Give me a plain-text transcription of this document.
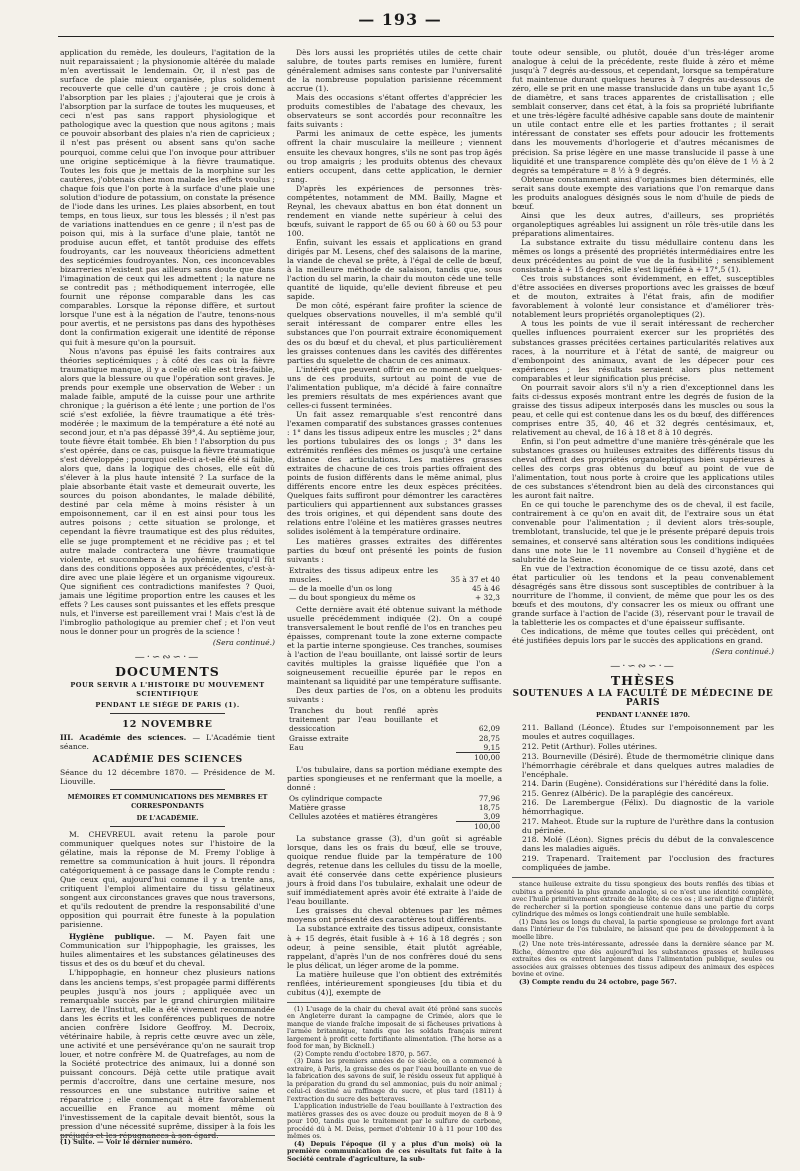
— 193 —

application du remède, les douleurs, l'agitation de la nuit reparaissaient ; la physionomie altérée du malade m'en avertissait le lendemain. Or, il n'est pas de surface de plaie mieux organisée, plus solidement recouverte que celle d'un cautère ; je crois donc à l'absorption par les plaies ; j'ajouterai que je crois à l'absorption par la surface de toutes les muqueuses, et ceci n'est pas sans rapport physiologique et pathologique avec la question que nous agitons ; mais ce pouvoir absorbant des plaies n'a rien de capricieux ; il n'est pas présent ou absent sans qu'on sache pourquoi, comme celui que l'on invoque pour attribuer une origine septicémique à la fièvre traumatique. Toutes les fois que je mettais de la morphine sur les cautères, j'obtenais chez mon malade les effets voulus ; chaque fois que l'on porte à la surface d'une plaie une solution d'iodure de potassium, on constate la présence de l'iode dans les urines. Les plaies absorbent, en tout temps, en tous lieux, sur tous les blessés ; il n'est pas de variations inattendues en ce genre ; il n'est pas de poison qui, mis à la surface d'une plaie, tantôt ne produise aucun effet, et tantôt produise des effets foudroyants, car les nouveaux théoriciens admettent des septicémies foudroyantes. Non, ces inconcevables bizarreries n'existent pas ailleurs sans doute que dans l'imagination de ceux qui les admettent ; la nature ne se contredit pas ; méthodiquement interrogée, elle fournit une réponse comparable dans les cas comparables. Lorsque la réponse diffère, et surtout lorsque l'une est à la négation de l'autre, tenons-nous pour avertis, et ne persistons pas dans des hypothèses dont la confirmation exigerait une identité de réponse qui fuit à mesure qu'on la poursuit.

Nous n'avons pas épuisé les faits contraires aux théories septicémiques ; à côté des cas où la fièvre traumatique manque, il y a celle où elle est très-faible, alors que la blessure ou que l'opération sont graves. Je prends pour exemple une observation de Weber : un malade faible, amputé de la cuisse pour une arthrite chronique ; la guérison a été lente ; une portion de l'os scié s'est exfoliée, la fièvre traumatique a été très-modérée ; le maximum de la température a été noté au second jour, et n'a pas dépassé 39°,4. Au septième jour, toute fièvre était tombée. Eh bien ! l'absorption du pus s'est opérée, dans ce cas, puisque la fièvre traumatique s'est développée ; pourquoi celle-ci a-t-elle été si faible, alors que, dans la logique des choses, elle eût dû s'élever à la plus haute intensité ? La surface de la plaie absorbante était vaste et demeurait ouverte, les sources du poison abondantes, le malade débilité, destiné par cela même à moins résister à un empoisonnement, car il en est ainsi pour tous les autres poisons ; cette situation se prolonge, et cependant la fièvre traumatique est des plus réduites, elle se juge promptement et ne récidive pas ; et tel autre malade contractera une fièvre traumatique violente, et succombera à la pyohémie, quoiqu'il fût dans des conditions opposées aux précédentes, c'est-à-dire avec une plaie légère et un organisme vigoureux. Que signifient ces contradictions manifestes ? Quoi, jamais une légitime proportion entre les causes et les effets ? Les causes sont puissantes et les effets presque nuls, et l'inverse est pareillement vrai ! Mais c'est là de l'imbroglio pathologique au premier chef ; et l'on veut nous le donner pour un progrès de la science !

(Sera continué.)
—·∽∾∽·—
DOCUMENTS
POUR SERVIR A L'HISTOIRE DU MOUVEMENT SCIENTIFIQUE
PENDANT LE SIÉGE DE PARIS (1).
12 NOVEMBRE

III. Académie des sciences. — L'Académie tient séance.

ACADÉMIE DES SCIENCES

Séance du 12 décembre 1870. — Présidence de M. Liouville.

MÉMOIRES ET COMMUNICATIONS DES MEMBRES ET CORRESPONDANTS
DE L'ACADÉMIE.

M. CHEVREUL avait retenu la parole pour communiquer quelques notes sur l'histoire de la gélatine, mais la réponse de M. Fremy l'oblige à remettre sa communication à huit jours. Il répondra catégoriquement à ce passage dans le Compte rendu : Que ceux qui, aujourd'hui comme il y a trente ans, critiquent l'emploi alimentaire du tissu gélatineux songent aux circonstances graves que nous traversons, et qu'ils redoutent de prendre la responsabilité d'une opposition qui pourrait être funeste à la population parisienne.

Hygiène publique. — M. Payen fait une Communication sur l'hippophagie, les graisses, les huiles alimentaires et les substances gélatineuses des tissus et des os du bœuf et du cheval.

L'hippophagie, en honneur chez plusieurs nations dans les anciens temps, s'est propagée parmi différents peuples jusqu'à nos jours ; appliquée avec un remarquable succès par le grand chirurgien militaire Larrey, de l'Institut, elle a été vivement recommandée dans les écrits et les conférences publiques de notre ancien confrère Isidore Geoffroy. M. Decroix, vétérinaire habile, à repris cette œuvre avec un zèle, une activité et une persévérance qu'on ne saurait trop louer, et notre confrère M. de Quatrefages, au nom de la Société protectrice des animaux, lui a donné son puissant concours. Déjà cette utile pratique avait permis d'accroître, dans une certaine mesure, nos ressources en une substance nutritive saine et réparatrice ; elle commençait à être favorablement accueillie en France au moment même où l'investissement de la capitale devait bientôt, sous la pression d'une nécessité suprême, dissiper à la fois les préjugés et les répugnances à son égard.

(1) Suite. — Voir le dernier numéro.

Dès lors aussi les propriétés utiles de cette chair salubre, de toutes parts remises en lumière, furent généralement admises sans conteste par l'universalité de la nombreuse population parisienne récemment accrue (1).

Mais des occasions s'étant offertes d'apprécier les produits comestibles de l'abatage des chevaux, les observateurs se sont accordés pour reconnaître les faits suivants :

Parmi les animaux de cette espèce, les juments offrent la chair musculaire la meilleure ; viennent ensuite les chevaux hongres, s'ils ne sont pas trop âgés ou trop amaigris ; les produits obtenus des chevaux entiers occupent, dans cette application, le dernier rang.

D'après les expériences de personnes très-compétentes, notamment de MM. Bailly, Magne et Reynal, les chevaux abattus en bon état donnent un rendement en viande nette supérieur à celui des bœufs, suivant le rapport de 65 ou 60 à 60 ou 53 pour 100.

Enfin, suivant les essais et applications en grand dirigés par M. Lesens, chef des salaisons de la marine, la viande de cheval se prête, à l'égal de celle de bœuf, à la meilleure méthode de salaison, tandis que, sous l'action du sel marin, la chair du mouton cède une telle quantité de liquide, qu'elle devient fibreuse et peu sapide.

De mon côté, espérant faire profiter la science de quelques observations nouvelles, il m'a semblé qu'il serait intéressant de comparer entre elles les substances que l'on pourrait extraire économiquement des os du bœuf et du cheval, et plus particulièrement les graisses contenues dans les cavités des différentes parties du squelette de chacun de ces animaux.

L'intérêt que peuvent offrir en ce moment quelques-uns de ces produits, surtout au point de vue de l'alimentation publique, m'a décidé à faire connaître les premiers résultats de mes expériences avant que celles-ci fussent terminées.

Un fait assez remarquable s'est rencontré dans l'examen comparatif des substances grasses contenues : 1° dans les tissus adipeux entre les muscles ; 2° dans les portions tubulaires des os longs ; 3° dans les extrémités renflées des mêmes os jusqu'à une certaine distance des articulations. Les matières grasses extraites de chacune de ces trois parties offraient des points de fusion différents dans le même animal, plus différents encore entre les deux espèces précitées. Quelques faits suffiront pour démontrer les caractères particuliers qui appartiennent aux substances grasses des trois origines, et qui dépendent sans doute des relations entre l'oléine et les matières grasses neutres solides isolément à la température ordinaire.

Les matières grasses extraites des différentes parties du bœuf ont présenté les points de fusion suivants :

Extraites des tissus adipeux entre les muscles.	35 à 37 et 40
— de la moelle d'un os long	45 à 46
— du bout spongieux du même os	+ 32,3

Cette dernière avait été obtenue suivant la méthode usuelle précédemment indiquée (2). On a coupé transversalement le bout renflé de l'os en tranches peu épaisses, comprenant toute la zone externe compacte et la partie interne spongieuse. Ces tranches, soumises à l'action de l'eau bouillante, ont laissé sortir de leurs cavités multiples la graisse liquéfiée que l'on a soigneusement recueillie épurée par le repos en maintenant sa liquidité par une température suffisante.

Des deux parties de l'os, on a obtenu les produits suivants :

Tranches du bout renflé après traitement par l'eau bouillante et dessiccation	62,09
Graisse extraite	28,75
Eau	9,15
	100,00

L'os tubulaire, dans sa portion médiane exempte des parties spongieuses et ne renfermant que la moelle, a donné :

Os cylindrique compacte	77,96
Matière grasse	18,75
Cellules azotées et matières étrangères	3,09
	100,00

La substance grasse (3), d'un goût si agréable lorsque, dans les os frais du bœuf, elle se trouve, quoique rendue fluide par la température de 100 degrés, retenue dans les cellules du tissu de la moelle, avait été conservée dans cette expérience plusieurs jours à froid dans l'os tubulaire, exhalait une odeur de suif immédiatement après avoir été extraite à l'aide de l'eau bouillante.

Les graisses du cheval obtenues par les mêmes moyens ont présenté des caractères tout différents.

La substance extraite des tissus adipeux, consistante à + 15 degrés, était fusible à + 16 à 18 degrés ; son odeur, à peine sensible, était plutôt agréable, rappelant, d'après l'un de nos confrères doué du sens le plus délicat, un léger arome de la pomme.

La matière huileuse que l'on obtient des extrémités renflées, intérieurement spongieuses [du tibia et du cubitus (4)], exempte de

(1) L'usage de la chair du cheval avait été prôné sans succès en Angleterre durant la campagne de Crimée, alors que le manque de viande fraîche imposait de si fâcheuses privations à l'armée britannique, tandis que les soldats français mirent largement à profit cette fortifiante alimentation. (The horse as a food for man, by Bicknell.)

(2) Compte rendu d'octobre 1870, p. 567.

(3) Dans les premiers années de ce siècle, on a commencé à extraire, à Paris, la graisse des os par l'eau bouillante en vue de la fabrication des savons de suif, le résidu osseux fut appliqué à la préparation du grand du sel ammoniac, puis du noir animal ; celui-ci destiné au raffinage du sucre, et plus tard (1811) à l'extraction du sucre des betteraves.

L'application industrielle de l'eau bouillante à l'extraction des matières grasses des os avec douze ou produit moyen de 8 à 9 pour 100, tandis que le traitement par le sulfure de carbone, procédé dû à M. Deiss, permet d'obtenir 10 à 11 pour 100 des mêmes os.

(4) Depuis l'époque (il y a plus d'un mois) où la première communication de ces résultats fut faite à la Société centrale d'agriculture, la sub-

toute odeur sensible, ou plutôt, douée d'un très-léger arome analogue à celui de la précédente, reste fluide à zéro et même jusqu'à 7 degrés au-dessous, et cependant, lorsque sa température fut maintenue durant quelques heures à 7 degrés au-dessous de zéro, elle se prit en une masse translucide dans un tube ayant 1c,5 de diamètre, et sans traces apparentes de cristallisation ; elle semblait conserver, dans cet état, à la fois sa propriété lubrifiante et une très-légère faculté adhésive capable sans doute de maintenir un utile contact entre elle et les parties frottantes ; il serait intéressant de constater ses effets pour adoucir les frottements dans les mouvements d'horlogerie et d'autres mécanismes de précision. Sa prise légère en une masse translucide il passe à une liquidité et une transparence complète dès qu'on élève de 1 ½ à 2 degrés sa température = 8 ½ à 9 degrés.

Obtenue constamment ainsi d'organismes bien déterminés, elle serait sans doute exempte des variations que l'on remarque dans les produits analogues désignés sous le nom d'huile de pieds de bœuf.

Ainsi que les deux autres, d'ailleurs, ses propriétés organoleptiques agréables lui assignent un rôle très-utile dans les préparations alimentaires.

La substance extraite du tissu médullaire contenu dans les mêmes os longs a présenté des propriétés intermédiaires entre les deux précédentes au point de vue de la fusibilité ; sensiblement consistante à + 15 degrés, elle s'est liquéfiée à + 17°,5 (1).

Ces trois substances sont évidemment, en effet, susceptibles d'être associées en diverses proportions avec les graisses de bœuf et de mouton, extraites à l'état frais, afin de modifier favorablement à volonté leur consistance et d'améliorer très-notablement leurs propriétés organoleptiques (2).

A tous les points de vue il serait intéressant de rechercher quelles influences pourraient exercer sur les propriétés des substances grasses précitées certaines particularités relatives aux races, à la nourriture et à l'état de santé, de maigreur ou d'embonpoint des animaux, avant de les dépecer pour ces expériences ; les résultats seraient alors plus nettement comparables et leur signification plus précise.

On pourrait savoir alors s'il n'y a rien d'exceptionnel dans les faits ci-dessus exposés montrant entre les degrés de fusion de la graisse des tissus adipeux interposés dans les muscles ou sous la peau, et celle qui est contenue dans les os du bœuf, des différences comprises entre 35, 40, 46 et 32 degrés centésimaux, et, relativement au cheval, de 16 à 18 et 8 à 10 degrés.

Enfin, si l'on peut admettre d'une manière très-générale que les substances grasses ou huileuses extraites des différents tissus du cheval offrent des propriétés organoleptiques bien supérieures à celles des corps gras obtenus du bœuf au point de vue de l'alimentation, tout nous porte à croire que les applications utiles de ces substances s'étendront bien au delà des circonstances qui les auront fait naître.

En ce qui touche le parenchyme des os de cheval, il est facile, contrairement à ce qu'on en avait dit, de l'extraire sous un état convenable pour l'alimentation ; il devient alors très-souple, tremblotant, translucide, tel que je le présente préparé depuis trois semaines, et conservé sans altération sous les conditions indiquées dans une note lue le 11 novembre au Conseil d'hygiène et de salubrité de la Seine.

En vue de l'extraction économique de ce tissu azoté, dans cet état particulier où les tendons et la peau convenablement désagrégés sans être dissous sont susceptibles de contribuer à la nourriture de l'homme, il convient, de même que pour les os des bœufs et des moutons, d'y consacrer les os mieux ou offrant une grande surface à l'action de l'acide (3), réservant pour le travail de la tabletterie les os compactes et d'une épaisseur suffisante.

Ces indications, de même que toutes celles qui précèdent, ont été justifiées depuis lors par le succès des applications en grand.

(Sera continué.)
—·∽∾∽·—
THÈSES
SOUTENUES A LA FACULTÉ DE MÉDECINE DE PARIS
PENDANT L'ANNÉE 1870.

211. Balland (Léonce). Études sur l'empoisonnement par les moules et autres coquillages.

212. Petit (Arthur). Folles utérines.

213. Bourneville (Désiré). Étude de thermométrie clinique dans l'hémorrhagie cérébrale et dans quelques autres maladies de l'encéphale.

214. Darin (Eugène). Considérations sur l'hérédité dans la folie.

215. Genrez (Albéric). De la paraplégie des cancéreux.

216. De Larembergue (Félix). Du diagnostic de la variole hémorrhagique.

217. Maheot. Étude sur la rupture de l'urèthre dans la contusion du périnée.

218. Molé (Léon). Signes précis du début de la convalescence dans les maladies aiguës.

219. Trapenard. Traitement par l'occlusion des fractures compliquées de jambe.

stance huileuse extraite du tissu spongieux des bouts renflés des tibias et cubitus a présenté la plus grande analogie, si ce n'est une identité complète, avec l'huile primitivement extraite de la tête de ces os ; il serait digne d'intérêt de rechercher si la portion spongieuse contenue dans une partie du corps cylindrique des mêmes os longs contiendrait une huile semblable.

(1) Dans les os longs du cheval, la partie spongieuse se prolonge fort avant dans l'intérieur de l'os tubulaire, ne laissant que peu de développement à la moelle libre.

(2) Une note très-intéressante, adressée dans la dernière séance par M. Riche, démontre que dès aujourd'hui les substances grasses et huileuses extraites des os entrent largement dans l'alimentation publique, seules ou associées aux graisses obtenues des tissus adipeux des animaux des espèces bovine et ovine.

(3) Compte rendu du 24 octobre, page 567.
